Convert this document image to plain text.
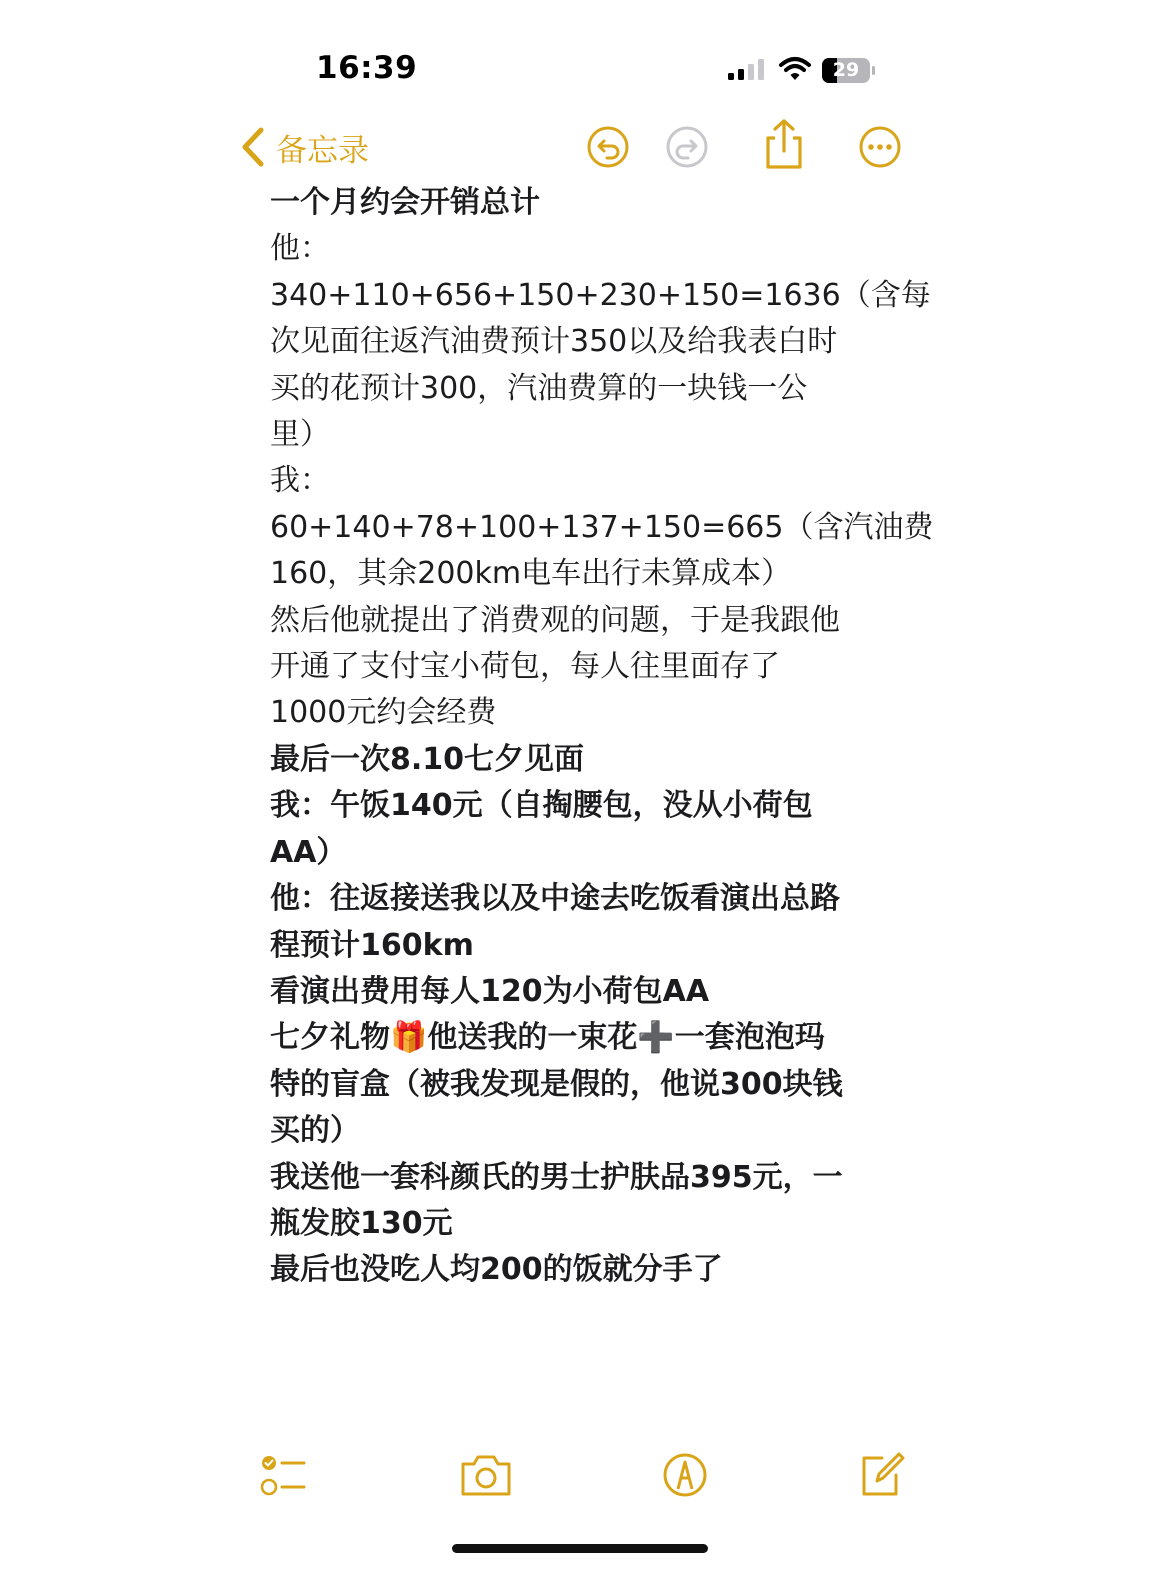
16:39	29
备忘录
一个月约会开销总计
他：
340+110+656+150+230+150=1636（含每
次见面往返汽油费预计350以及给我表白时
买的花预计300，汽油费算的一块钱一公
里）
我：
60+140+78+100+137+150=665（含汽油费
160，其余200km电车出行未算成本）
然后他就提出了消费观的问题，于是我跟他
开通了支付宝小荷包，每人往里面存了
1000元约会经费
最后一次8.10七夕见面
我：午饭140元（自掏腰包，没从小荷包
AA）
他：往返接送我以及中途去吃饭看演出总路
程预计160km
看演出费用每人120为小荷包AA
七夕礼物🎁他送我的一束花➕一套泡泡玛
特的盲盒（被我发现是假的，他说300块钱
买的）
我送他一套科颜氏的男士护肤品395元，一
瓶发胶130元
最后也没吃人均200的饭就分手了
